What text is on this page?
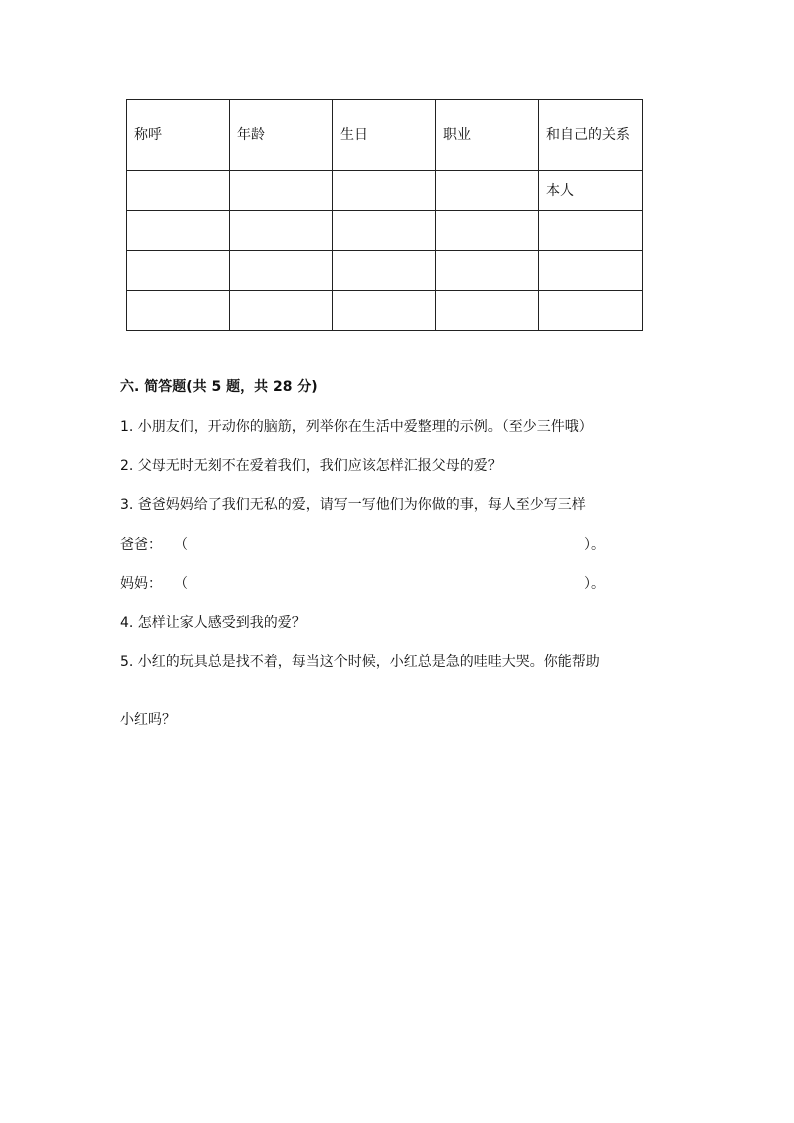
称呼	年龄	生日	职业	和自己的关系
				本人

六. 简答题(共 5 题，共 28 分)

1. 小朋友们，开动你的脑筋，列举你在生活中爱整理的示例。（至少三件哦）

2. 父母无时无刻不在爱着我们，我们应该怎样汇报父母的爱？

3. 爸爸妈妈给了我们无私的爱，请写一写他们为你做的事，每人至少写三样

爸爸： （	）。
妈妈： （	）。

4. 怎样让家人感受到我的爱？

5. 小红的玩具总是找不着，每当这个时候，小红总是急的哇哇大哭。你能帮助

小红吗？
